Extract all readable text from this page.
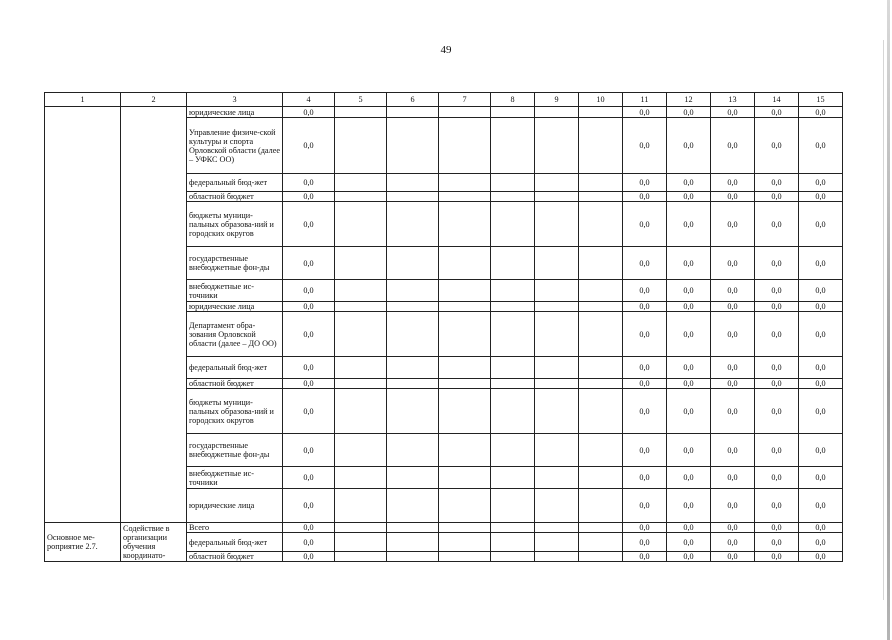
49
1	2	3	4	5	6	7	8	9	10	11	12	13	14	15
		юридические лица	0,0							0,0	0,0	0,0	0,0	0,0
		Управление физиче-ской культуры и спорта Орловской области (далее – УФКС ОО)	0,0							0,0	0,0	0,0	0,0	0,0
		федеральный бюд-жет	0,0							0,0	0,0	0,0	0,0	0,0
		областной бюджет	0,0							0,0	0,0	0,0	0,0	0,0
		бюджеты муници-пальных образова-ний и городских округов	0,0							0,0	0,0	0,0	0,0	0,0
		государственные внебюджетные фон-ды	0,0							0,0	0,0	0,0	0,0	0,0
		внебюджетные ис-точники	0,0							0,0	0,0	0,0	0,0	0,0
		юридические лица	0,0							0,0	0,0	0,0	0,0	0,0
		Департамент обра-зования Орловской области (далее – ДО ОО)	0,0							0,0	0,0	0,0	0,0	0,0
		федеральный бюд-жет	0,0							0,0	0,0	0,0	0,0	0,0
		областной бюджет	0,0							0,0	0,0	0,0	0,0	0,0
		бюджеты муници-пальных образова-ний и городских округов	0,0							0,0	0,0	0,0	0,0	0,0
		государственные внебюджетные фон-ды	0,0							0,0	0,0	0,0	0,0	0,0
		внебюджетные ис-точники	0,0							0,0	0,0	0,0	0,0	0,0
		юридические лица	0,0							0,0	0,0	0,0	0,0	0,0
Основное ме-роприятие 2.7.	Содействие в организации обучения координато-	Всего	0,0							0,0	0,0	0,0	0,0	0,0
		федеральный бюд-жет	0,0							0,0	0,0	0,0	0,0	0,0
		областной бюджет	0,0							0,0	0,0	0,0	0,0	0,0
